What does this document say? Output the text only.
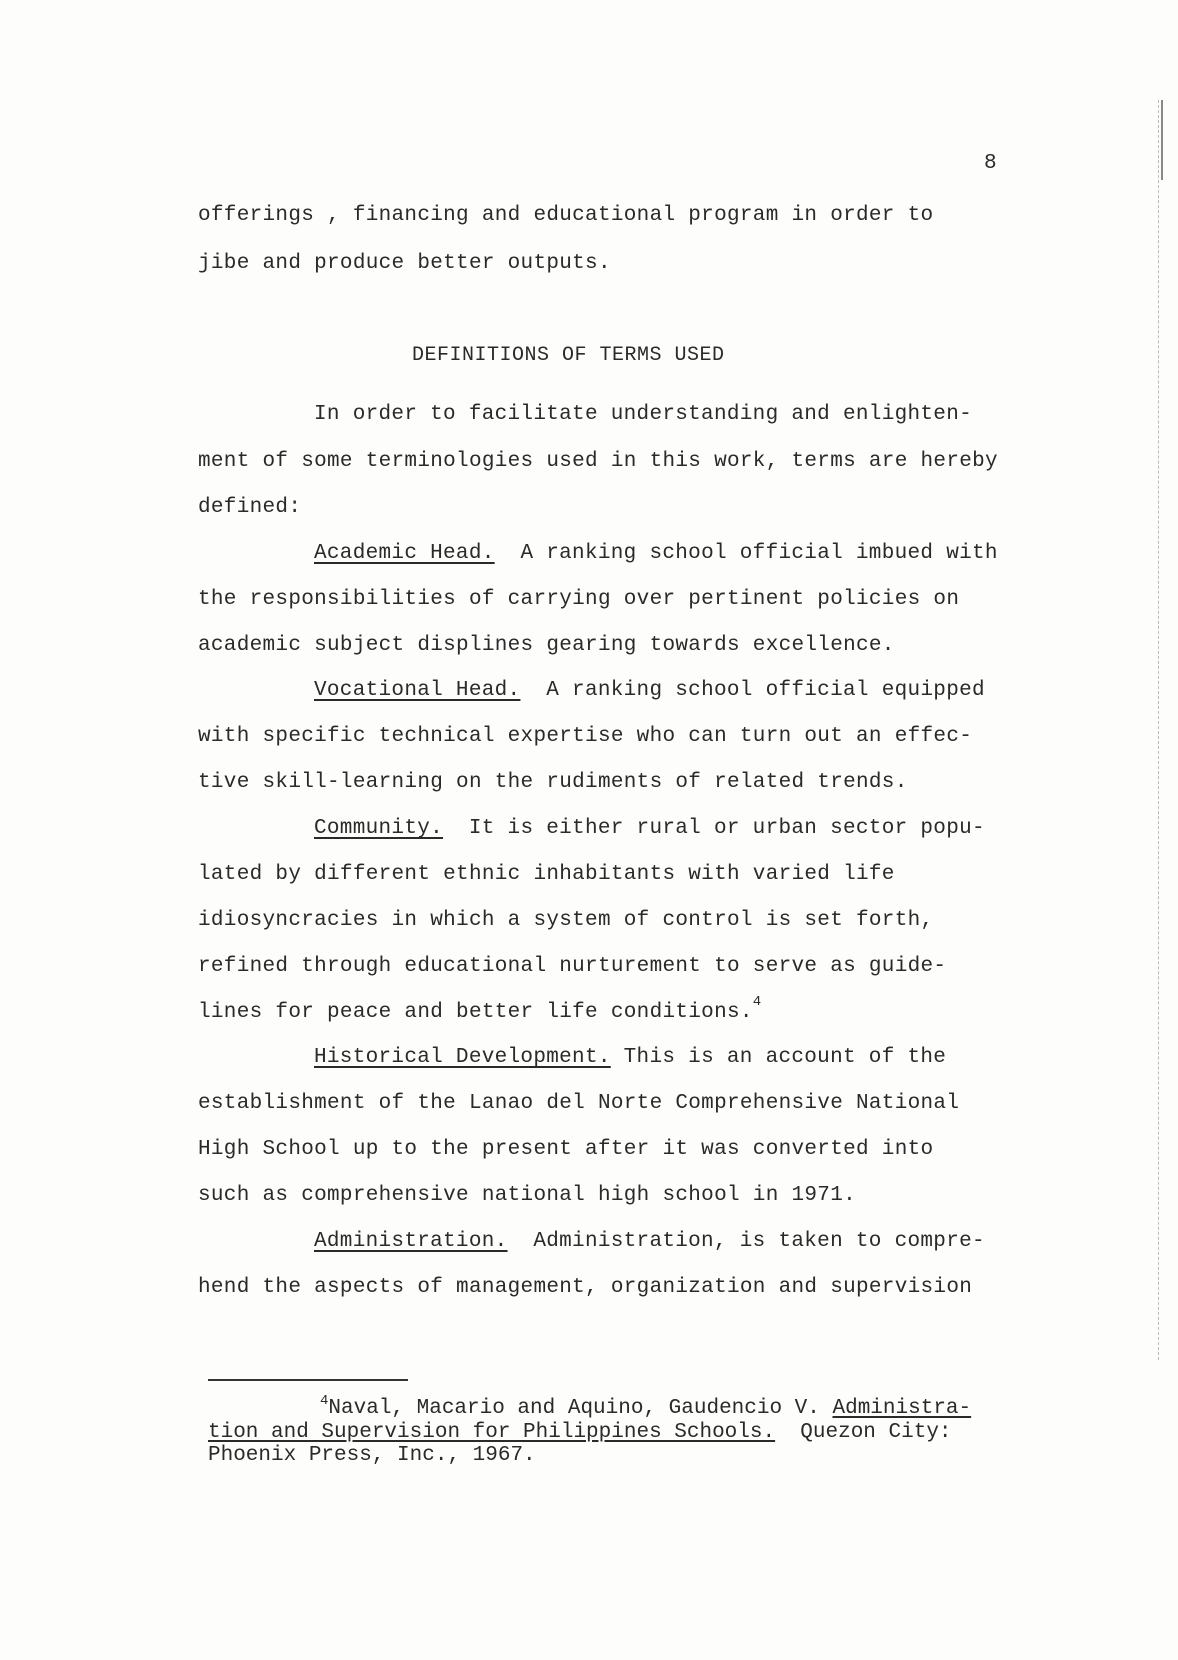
8
offerings , financing and educational program in order to
jibe and produce better outputs.
DEFINITIONS OF TERMS USED
In order to facilitate understanding and enlighten-
ment of some terminologies used in this work, terms are hereby
defined:
Academic Head.  A ranking school official imbued with
the responsibilities of carrying over pertinent policies on
academic subject displines gearing towards excellence.
Vocational Head.  A ranking school official equipped
with specific technical expertise who can turn out an effec-
tive skill-learning on the rudiments of related trends.
Community.  It is either rural or urban sector popu-
lated by different ethnic inhabitants with varied life
idiosyncracies in which a system of control is set forth,
refined through educational nurturement to serve as guide-
lines for peace and better life conditions.$^4$
Historical Development. This is an account of the
establishment of the Lanao del Norte Comprehensive National
High School up to the present after it was converted into
such as comprehensive national high school in 1971.
Administration.  Administration, is taken to compre-
hend the aspects of management, organization and supervision
$^4$Naval, Macario and Aquino, Gaudencio V. Administra-
tion and Supervision for Philippines Schools.  Quezon City:
Phoenix Press, Inc., 1967.
